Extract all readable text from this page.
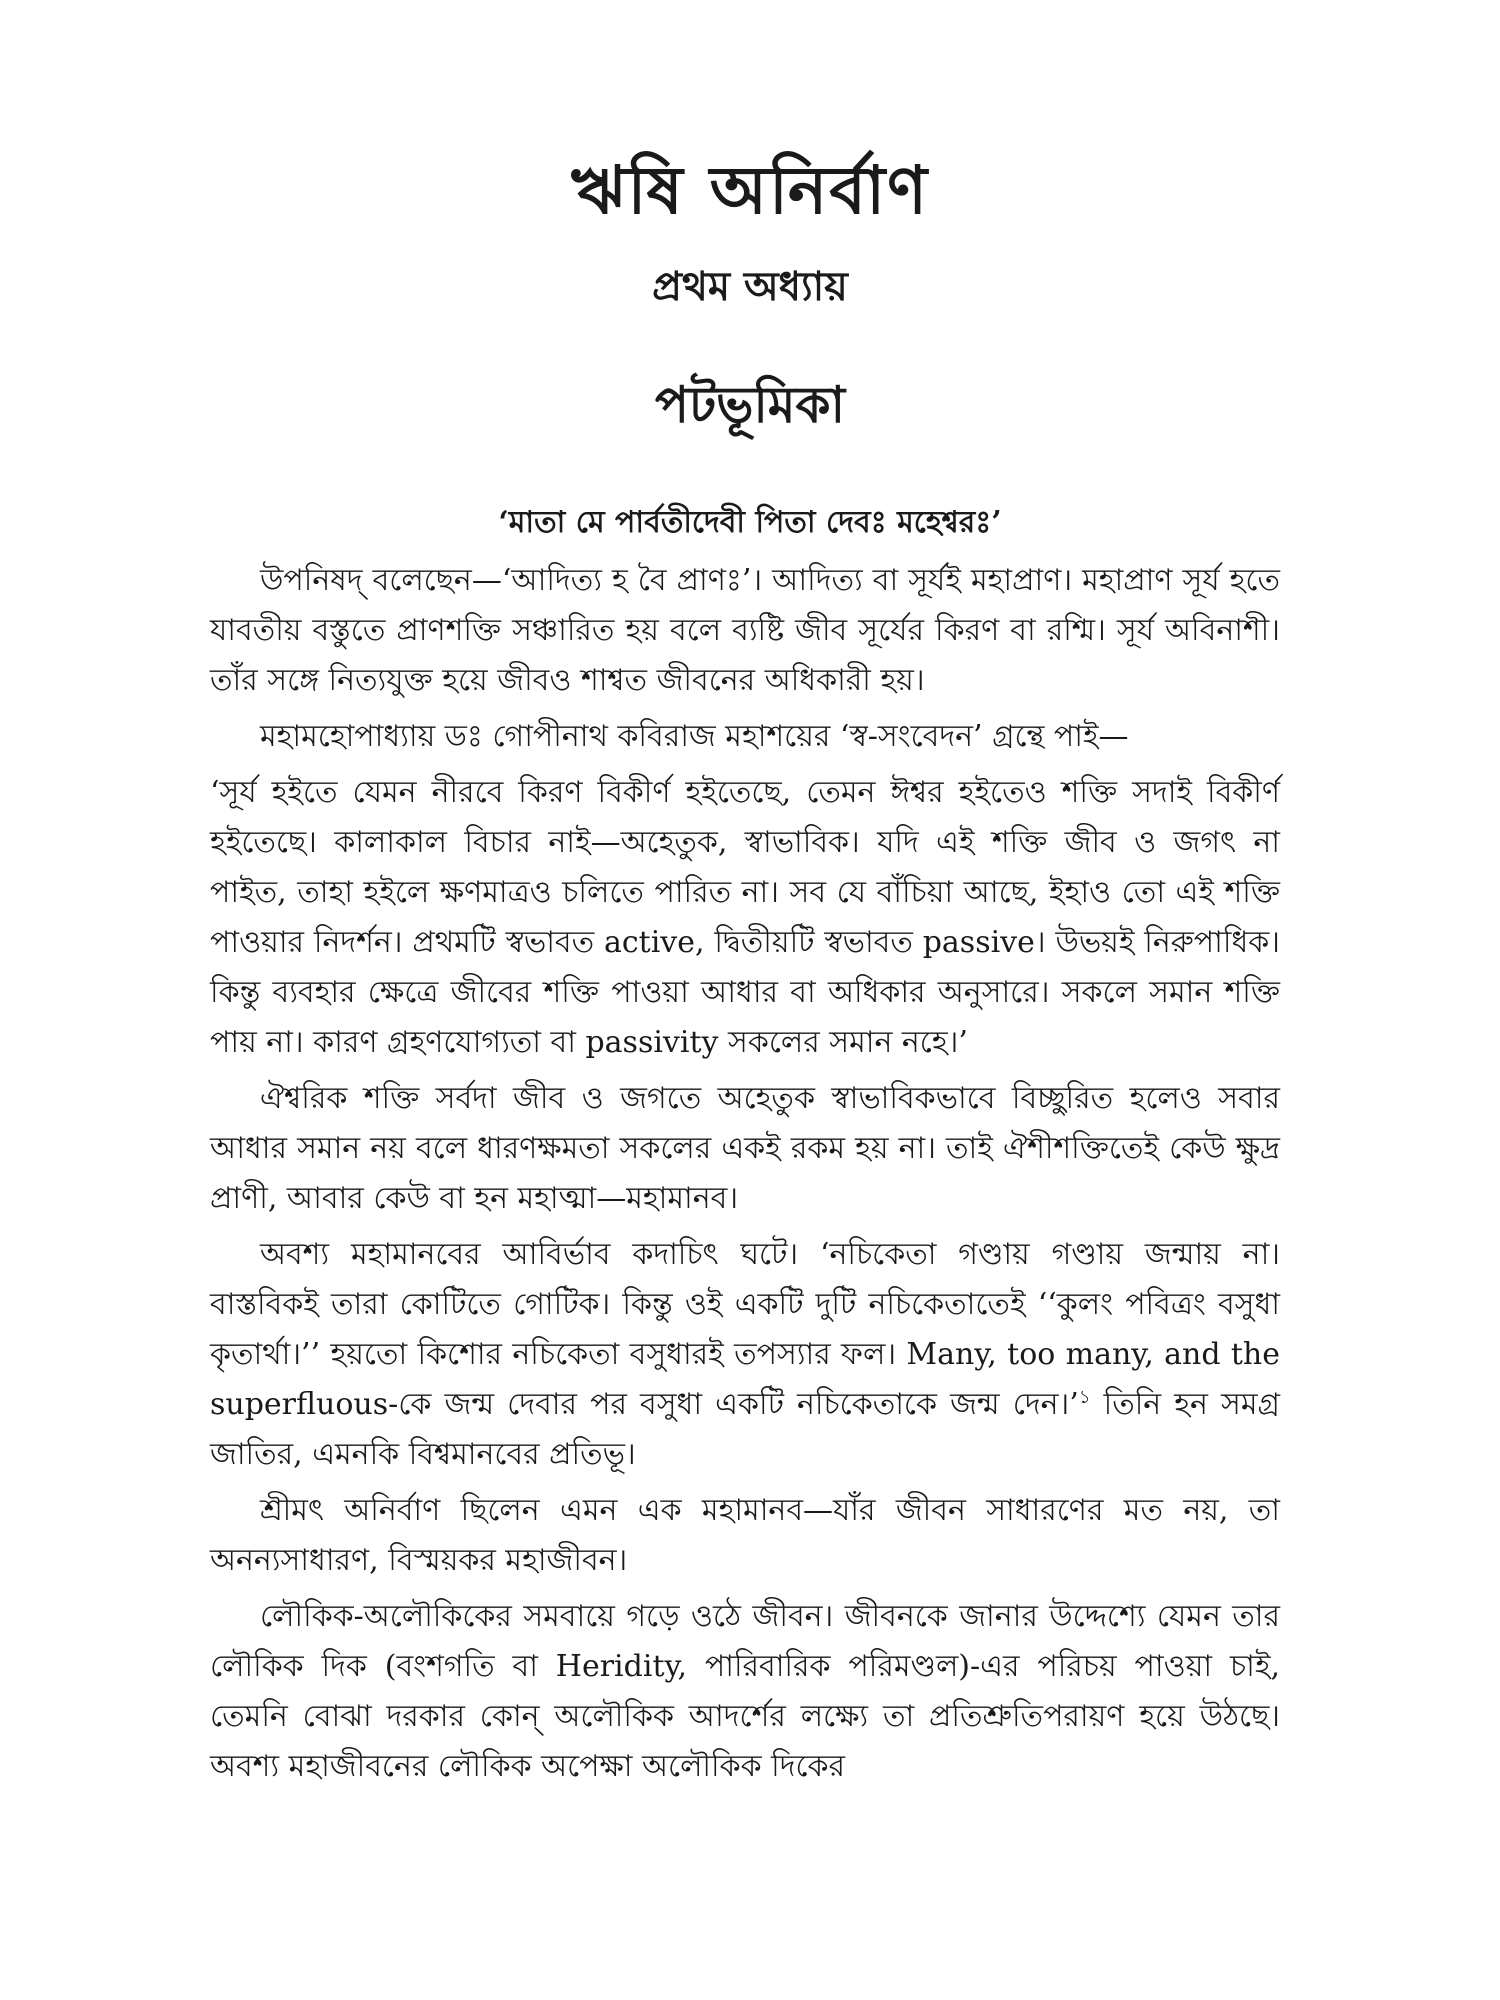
ঋষি অনির্বাণ
প্রথম অধ্যায়
পটভূমিকা
‘মাতা মে পার্বতীদেবী পিতা দেবঃ মহেশ্বরঃ’

উপনিষদ্ বলেছেন—‘আদিত্য হ বৈ প্রাণঃ’। আদিত্য বা সূর্যই মহাপ্রাণ। মহাপ্রাণ সূর্য হতে যাবতীয় বস্তুতে প্রাণশক্তি সঞ্চারিত হয় বলে ব্যষ্টি জীব সূর্যের কিরণ বা রশ্মি। সূর্য অবিনাশী। তাঁর সঙ্গে নিত্যযুক্ত হয়ে জীবও শাশ্বত জীবনের অধিকারী হয়।

মহামহোপাধ্যায় ডঃ গোপীনাথ কবিরাজ মহাশয়ের ‘স্ব-সংবেদন’ গ্রন্থে পাই—

‘সূর্য হইতে যেমন নীরবে কিরণ বিকীর্ণ হইতেছে, তেমন ঈশ্বর হইতেও শক্তি সদাই বিকীর্ণ হইতেছে। কালাকাল বিচার নাই—অহেতুক, স্বাভাবিক। যদি এই শক্তি জীব ও জগৎ না পাইত, তাহা হইলে ক্ষণমাত্রও চলিতে পারিত না। সব যে বাঁচিয়া আছে, ইহাও তো এই শক্তি পাওয়ার নিদর্শন। প্রথমটি স্বভাবত active, দ্বিতীয়টি স্বভাবত passive। উভয়ই নিরুপাধিক। কিন্তু ব্যবহার ক্ষেত্রে জীবের শক্তি পাওয়া আধার বা অধিকার অনুসারে। সকলে সমান শক্তি পায় না। কারণ গ্রহণযোগ্যতা বা passivity সকলের সমান নহে।’

ঐশ্বরিক শক্তি সর্বদা জীব ও জগতে অহেতুক স্বাভাবিকভাবে বিচ্ছুরিত হলেও সবার আধার সমান নয় বলে ধারণক্ষমতা সকলের একই রকম হয় না। তাই ঐশীশক্তিতেই কেউ ক্ষুদ্র প্রাণী, আবার কেউ বা হন মহাত্মা—মহামানব।

অবশ্য মহামানবের আবির্ভাব কদাচিৎ ঘটে। ‘নচিকেতা গণ্ডায় গণ্ডায় জন্মায় না। বাস্তবিকই তারা কোটিতে গোটিক। কিন্তু ওই একটি দুটি নচিকেতাতেই ‘‘কুলং পবিত্রং বসুধা কৃতার্থা।’’ হয়তো কিশোর নচিকেতা বসুধারই তপস্যার ফল। Many, too many, and the superfluous-কে জন্ম দেবার পর বসুধা একটি নচিকেতাকে জন্ম দেন।’$^১$ তিনি হন সমগ্র জাতির, এমনকি বিশ্বমানবের প্রতিভূ।

শ্রীমৎ অনির্বাণ ছিলেন এমন এক মহামানব—যাঁর জীবন সাধারণের মত নয়, তা অনন্যসাধারণ, বিস্ময়কর মহাজীবন।

লৌকিক-অলৌকিকের সমবায়ে গড়ে ওঠে জীবন। জীবনকে জানার উদ্দেশ্যে যেমন তার লৌকিক দিক (বংশগতি বা Heridity, পারিবারিক পরিমণ্ডল)-এর পরিচয় পাওয়া চাই, তেমনি বোঝা দরকার কোন্ অলৌকিক আদর্শের লক্ষ্যে তা প্রতিশ্রুতিপরায়ণ হয়ে উঠছে। অবশ্য মহাজীবনের লৌকিক অপেক্ষা অলৌকিক দিকের
